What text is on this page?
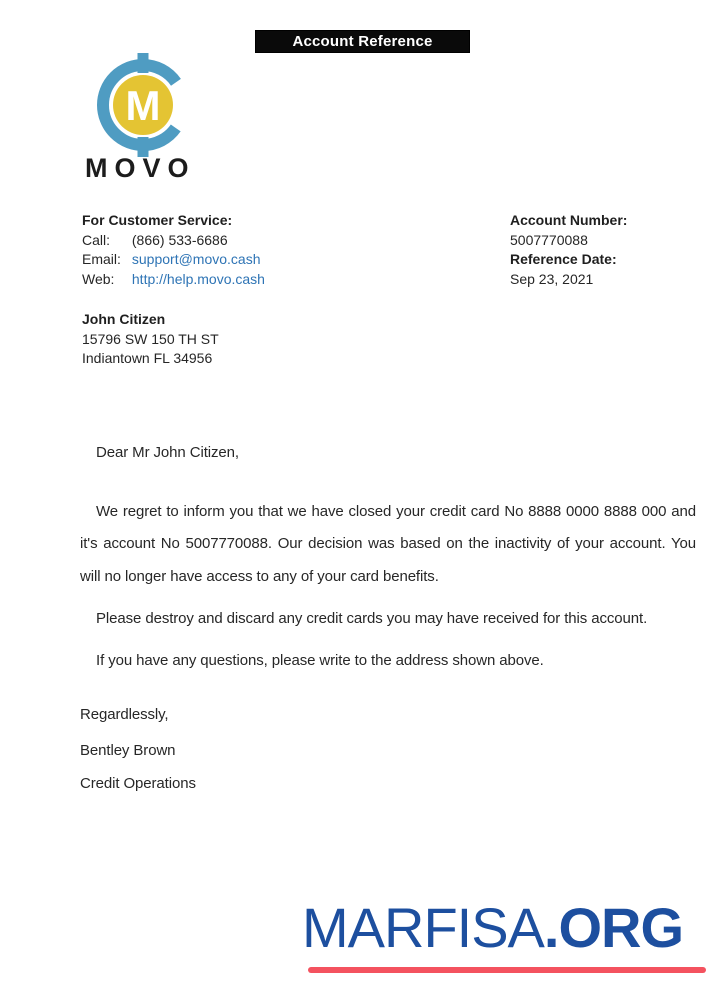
Account Reference
M
MOVO
For Customer Service:
Call: (866) 533-6686
Email: support@movo.cash
Web: http://help.movo.cash
Account Number:
5007770088
Reference Date:
Sep 23, 2021
John Citizen
15796 SW 150 TH ST
Indiantown FL 34956
Dear Mr John Citizen,

We regret to inform you that we have closed your credit card No 8888 0000 8888 000 and it's account No 5007770088. Our decision was based on the inactivity of your account. You will no longer have access to any of your card benefits.

Please destroy and discard any credit cards you may have received for this account.

If you have any questions, please write to the address shown above.

Regardlessly,
Bentley Brown
Credit Operations
MARFISA.ORG
